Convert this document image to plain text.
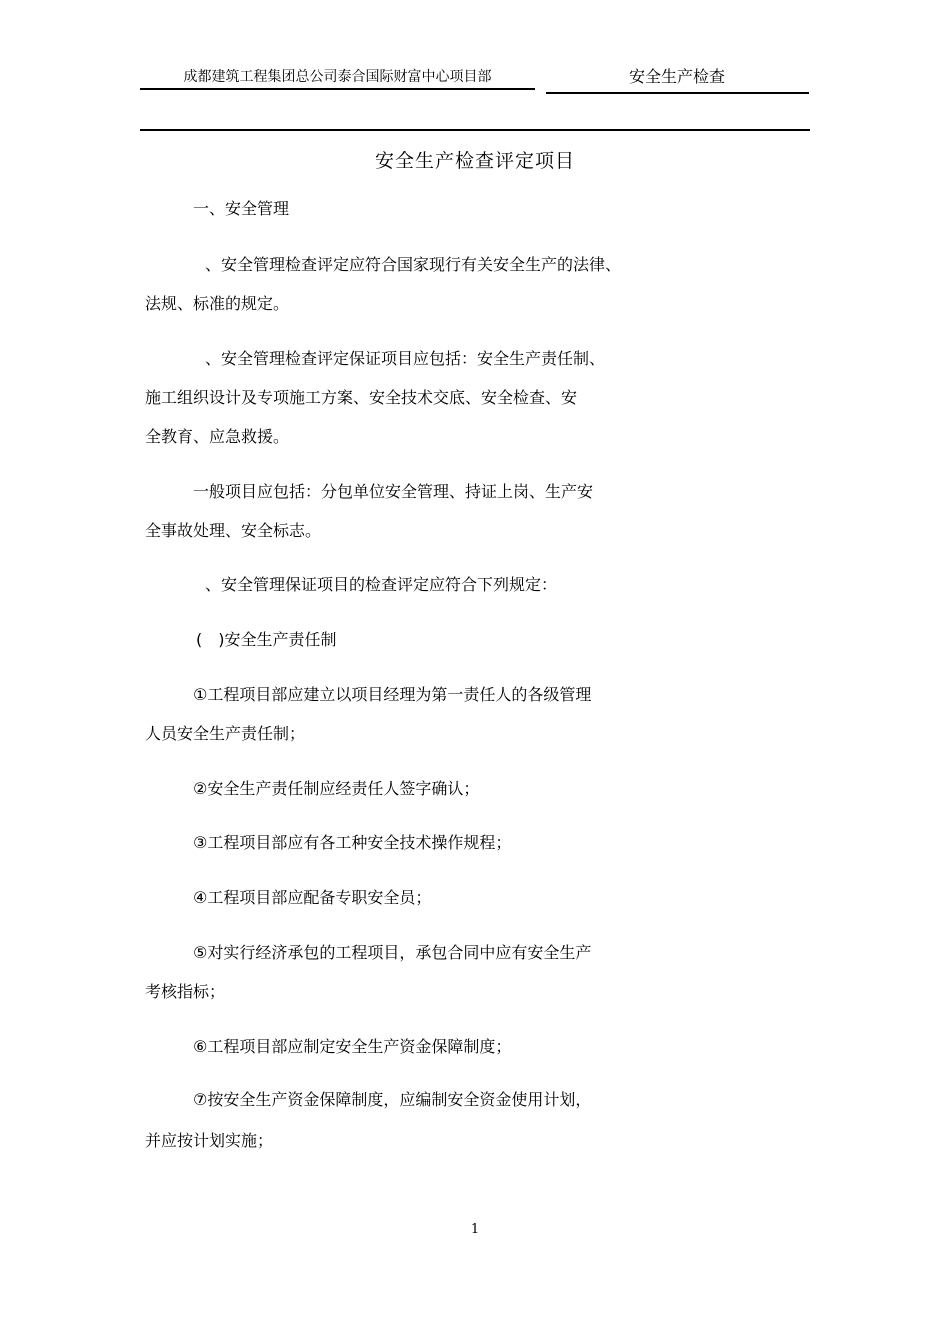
成都建筑工程集团总公司泰合国际财富中心项目部	安全生产检查
安全生产检查评定项目
一、安全管理
、安全管理检查评定应符合国家现行有关安全生产的法律、
法规、标准的规定。
、安全管理检查评定保证项目应包括：安全生产责任制、
施工组织设计及专项施工方案、安全技术交底、安全检查、安
全教育、应急救援。
一般项目应包括：分包单位安全管理、持证上岗、生产安
全事故处理、安全标志。
、安全管理保证项目的检查评定应符合下列规定：
(　)安全生产责任制
①工程项目部应建立以项目经理为第一责任人的各级管理
人员安全生产责任制；
②安全生产责任制应经责任人签字确认；
③工程项目部应有各工种安全技术操作规程；
④工程项目部应配备专职安全员；
⑤对实行经济承包的工程项目，承包合同中应有安全生产
考核指标；
⑥工程项目部应制定安全生产资金保障制度；
⑦按安全生产资金保障制度，应编制安全资金使用计划，
并应按计划实施；
1
